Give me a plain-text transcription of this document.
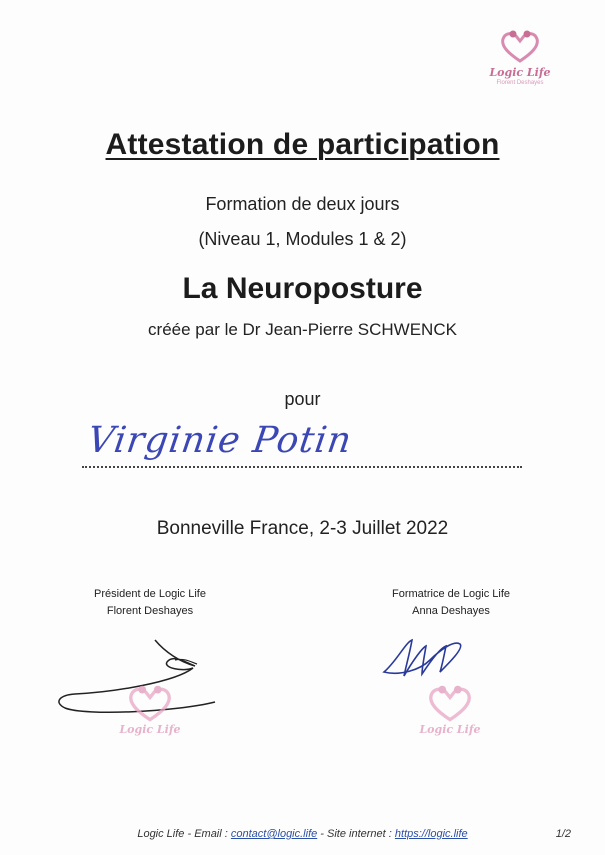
Logic Life
Florent Deshayes
Attestation de participation
Formation de deux jours
(Niveau 1, Modules 1 & 2)
La Neuroposture
créée par le Dr Jean-Pierre SCHWENCK
pour
Virginie Potin
Bonneville France, 2-3 Juillet 2022
Président de Logic Life
Florent Deshayes
Logic Life
Formatrice de Logic Life
Anna Deshayes
Logic Life
Logic Life - Email : contact@logic.life - Site internet : https://logic.life	1/2
